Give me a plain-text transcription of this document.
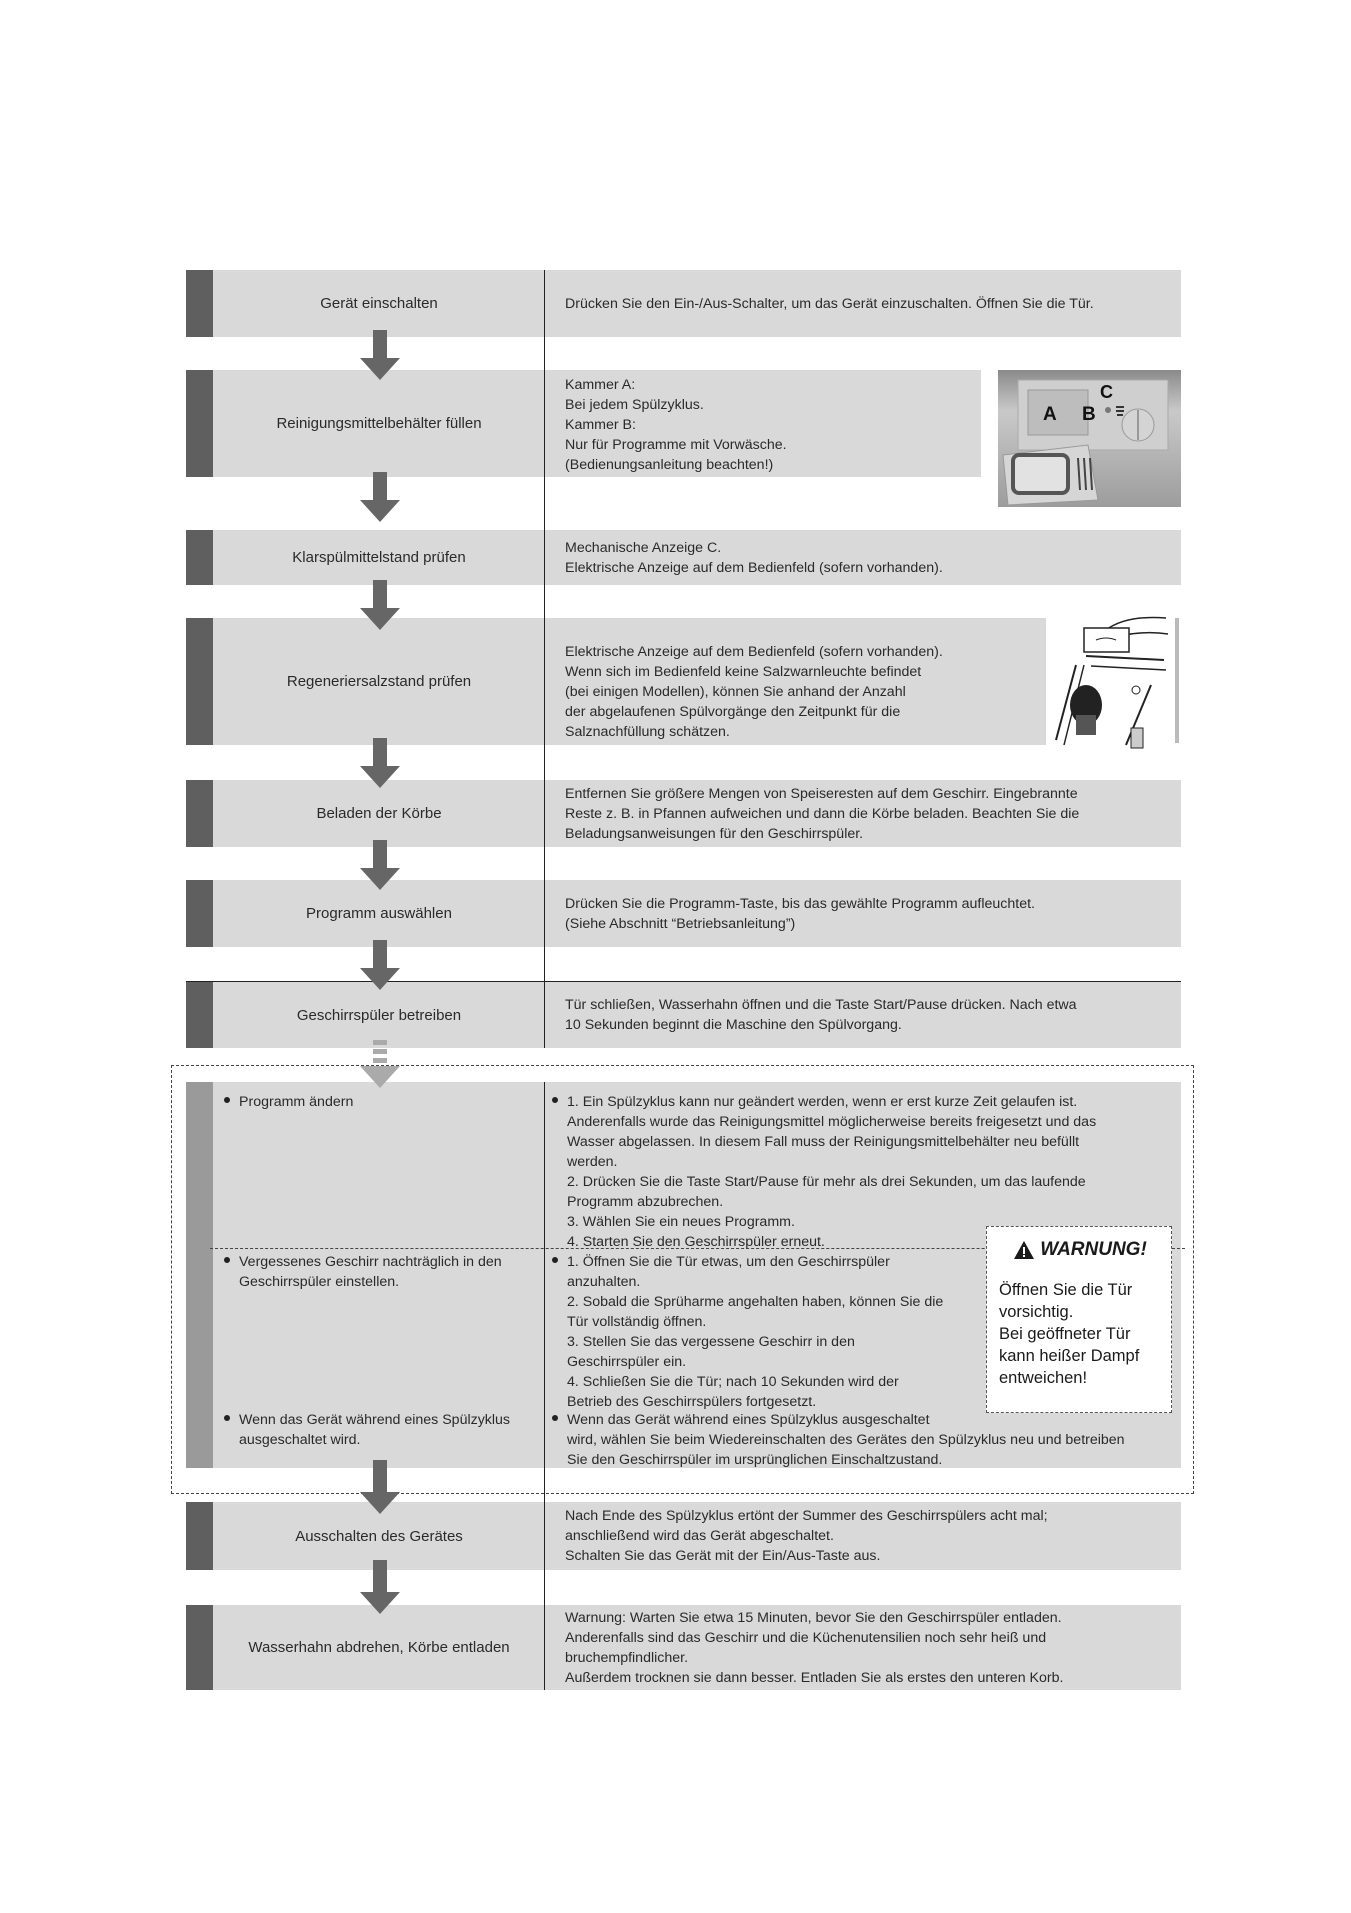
Gerät einschalten	Drücken Sie den Ein-/Aus-Schalter, um das Gerät einzuschalten. Öffnen Sie die Tür.
Reinigungsmittelbehälter füllen
Kammer A:
Bei jedem Spülzyklus.
Kammer B:
Nur für Programme mit Vorwäsche.
(Bedienungsanleitung beachten!)
A B
C
Klarspülmittelstand prüfen
Mechanische Anzeige C.
Elektrische Anzeige auf dem Bedienfeld (sofern vorhanden).
Regeneriersalzstand prüfen
Elektrische Anzeige auf dem Bedienfeld (sofern vorhanden).
Wenn sich im Bedienfeld keine Salzwarnleuchte befindet
(bei einigen Modellen), können Sie anhand der Anzahl
der abgelaufenen Spülvorgänge den Zeitpunkt für die
Salznachfüllung schätzen.
Beladen der Körbe
Entfernen Sie größere Mengen von Speiseresten auf dem Geschirr. Eingebrannte
Reste z. B. in Pfannen aufweichen und dann die Körbe beladen. Beachten Sie die
Beladungsanweisungen für den Geschirrspüler.
Programm auswählen
Drücken Sie die Programm-Taste, bis das gewählte Programm aufleuchtet.
(Siehe Abschnitt “Betriebsanleitung”)
Geschirrspüler betreiben
Tür schließen, Wasserhahn öffnen und die Taste Start/Pause drücken. Nach etwa
10 Sekunden beginnt die Maschine den Spülvorgang.
Programm ändern	1. Ein Spülzyklus kann nur geändert werden, wenn er erst kurze Zeit gelaufen ist.
Anderenfalls wurde das Reinigungsmittel möglicherweise bereits freigesetzt und das
Wasser abgelassen. In diesem Fall muss der Reinigungsmittelbehälter neu befüllt
werden.
2. Drücken Sie die Taste Start/Pause für mehr als drei Sekunden, um das laufende
Programm abzubrechen.
3. Wählen Sie ein neues Programm.
4. Starten Sie den Geschirrspüler erneut.
Vergessenes Geschirr nachträglich in den
Geschirrspüler einstellen.
1. Öffnen Sie die Tür etwas, um den Geschirrspüler
anzuhalten.
2. Sobald die Sprüharme angehalten haben, können Sie die
Tür vollständig öffnen.
3. Stellen Sie das vergessene Geschirr in den
Geschirrspüler ein.
4. Schließen Sie die Tür; nach 10 Sekunden wird der
Betrieb des Geschirrspülers fortgesetzt.
Wenn das Gerät während eines Spülzyklus
ausgeschaltet wird.
Wenn das Gerät während eines Spülzyklus ausgeschaltet
wird, wählen Sie beim Wiedereinschalten des Gerätes den Spülzyklus neu und betreiben
Sie den Geschirrspüler im ursprünglichen Einschaltzustand.
WARNUNG!
Öffnen Sie die Tür
vorsichtig.
Bei geöffneter Tür
kann heißer Dampf
entweichen!
Ausschalten des Gerätes
Nach Ende des Spülzyklus ertönt der Summer des Geschirrspülers acht mal;
anschließend wird das Gerät abgeschaltet.
Schalten Sie das Gerät mit der Ein/Aus-Taste aus.
Wasserhahn abdrehen, Körbe entladen
Warnung: Warten Sie etwa 15 Minuten, bevor Sie den Geschirrspüler entladen.
Anderenfalls sind das Geschirr und die Küchenutensilien noch sehr heiß und
bruchempfindlicher.
Außerdem trocknen sie dann besser. Entladen Sie als erstes den unteren Korb.
